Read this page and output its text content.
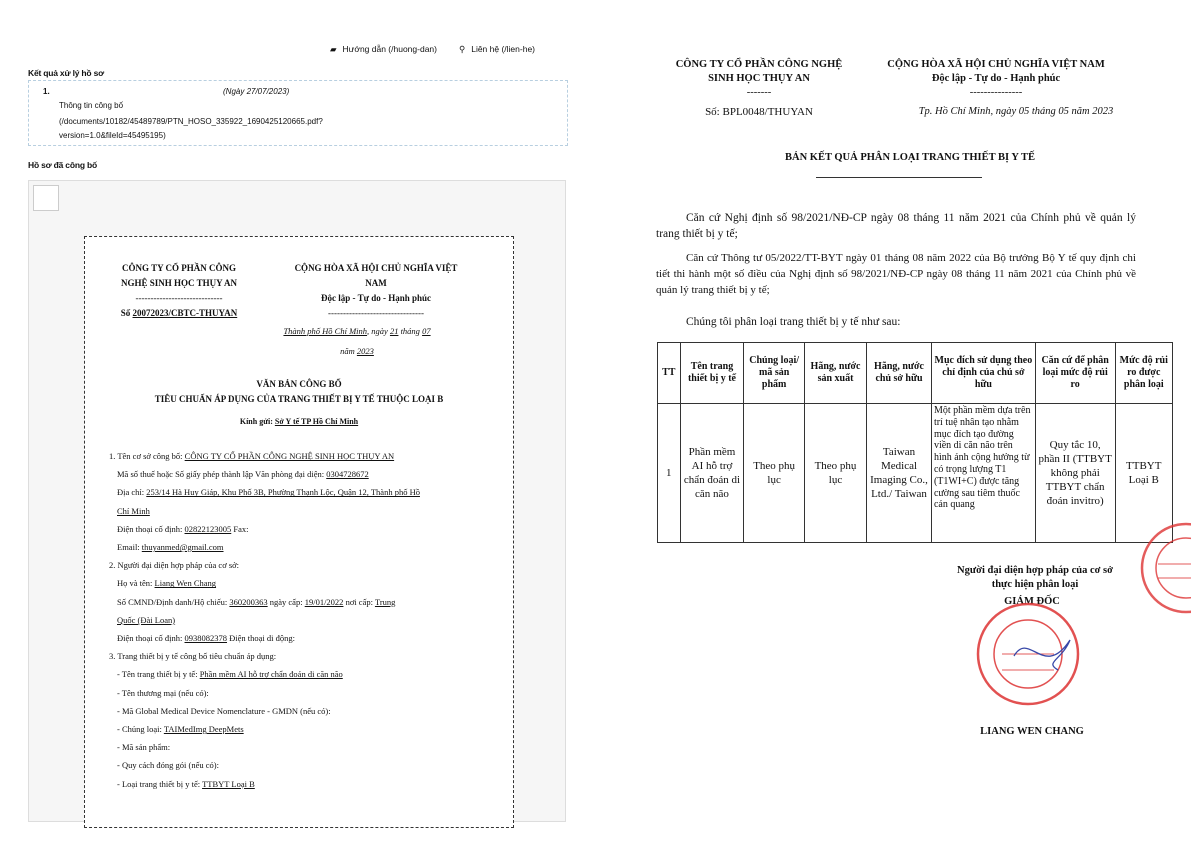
▰ Hướng dẫn (/huong-dan)	⚲ Liên hệ (/lien-he)
Kết quả xử lý hồ sơ
1.	(Ngày 27/07/2023)
Thông tin công bố
(/documents/10182/45489789/PTN_HOSO_335922_1690425120665.pdf?version=1.0&fileId=45495195)
Hồ sơ đã công bố
CÔNG TY CỔ PHẦN CÔNG
NGHỆ SINH HỌC THỤY AN
-----------------------------
Số 20072023/CBTC-THUYAN
CỘNG HÒA XÃ HỘI CHỦ NGHĨA VIỆT
NAM
Độc lập - Tự do - Hạnh phúc
--------------------------------
Thành phố Hồ Chí Minh, ngày 21 tháng 07
năm 2023
VĂN BẢN CÔNG BỐ
TIÊU CHUẨN ÁP DỤNG CỦA TRANG THIẾT BỊ Y TẾ THUỘC LOẠI B
Kính gửi: Sở Y tế TP Hồ Chí Minh
1. Tên cơ sở công bố: CÔNG TY CỔ PHẦN CÔNG NGHỆ SINH HỌC THỤY AN
Mã số thuế hoặc Số giấy phép thành lập Văn phòng đại diện: 0304728672
Địa chỉ: 253/14 Hà Huy Giáp, Khu Phố 3B, Phường Thạnh Lộc, Quận 12, Thành phố Hồ
Chí Minh
Điện thoại cố định: 02822123005 Fax:
Email: thuyanmed@gmail.com
2. Người đại diện hợp pháp của cơ sở:
Họ và tên: Liang Wen Chang
Số CMND/Định danh/Hộ chiếu: 360200363 ngày cấp: 19/01/2022 nơi cấp: Trung
Quốc (Đài Loan)
Điện thoại cố định: 0938082378 Điện thoại di động:
3. Trang thiết bị y tế công bố tiêu chuẩn áp dụng:
- Tên trang thiết bị y tế: Phần mềm AI hỗ trợ chẩn đoán di căn não
- Tên thương mại (nếu có):
- Mã Global Medical Device Nomenclature - GMDN (nếu có):
- Chủng loại: TAIMedImg DeepMets
- Mã sản phẩm:
- Quy cách đóng gói (nếu có):
- Loại trang thiết bị y tế: TTBYT Loại B
CÔNG TY CỔ PHẦN CÔNG NGHỆ
SINH HỌC THỤY AN
-------
CỘNG HÒA XÃ HỘI CHỦ NGHĨA VIỆT NAM
Độc lập - Tự do - Hạnh phúc
---------------
Số: BPL0048/THUYAN	Tp. Hồ Chí Minh, ngày 05 tháng 05 năm 2023
BẢN KẾT QUẢ PHÂN LOẠI TRANG THIẾT BỊ Y TẾ
Căn cứ Nghị định số 98/2021/NĐ-CP ngày 08 tháng 11 năm 2021 của Chính phủ về quản lý trang thiết bị y tế;
Căn cứ Thông tư 05/2022/TT-BYT ngày 01 tháng 08 năm 2022 của Bộ trưởng Bộ Y tế quy định chi tiết thi hành một số điều của Nghị định số 98/2021/NĐ-CP ngày 08 tháng 11 năm 2021 của Chính phủ về quản lý trang thiết bị y tế;
Chúng tôi phân loại trang thiết bị y tế như sau:
TT	Tên trang thiết bị y tế	Chủng loại/ mã sản phẩm	Hãng, nước sản xuất	Hãng, nước chủ sở hữu	Mục đích sử dụng theo chỉ định của chủ sở hữu	Căn cứ để phân loại mức độ rủi ro	Mức độ rủi ro được phân loại
1	Phần mềm AI hỗ trợ chẩn đoán di căn não	Theo phụ lục	Theo phụ lục	Taiwan Medical Imaging Co., Ltd./ Taiwan	Một phần mềm dựa trên trí tuệ nhân tạo nhằm mục đích tạo đường viền di căn não trên hình ảnh cộng hưởng từ có trọng lượng T1 (T1WI+C) được tăng cường sau tiêm thuốc cản quang	Quy tắc 10, phần II (TTBYT không phải TTBYT chẩn đoán invitro)	TTBYT Loại B
Người đại diện hợp pháp của cơ sở
thực hiện phân loại
GIÁM ĐỐC
LIANG WEN CHANG
